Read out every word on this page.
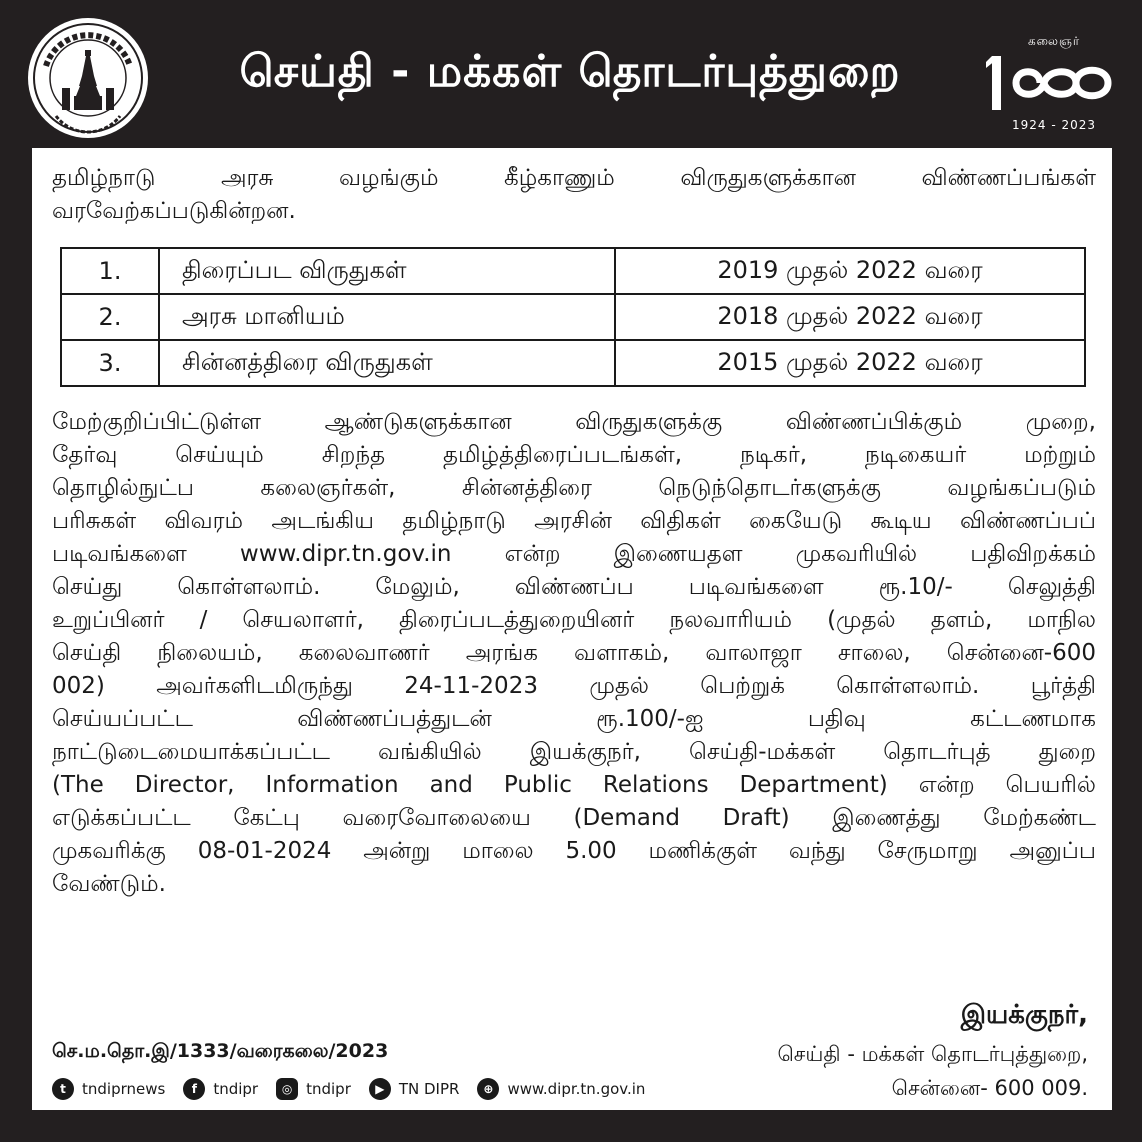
செய்தி - மக்கள் தொடர்புத்துறை
கலைஞர்
1924 - 2023
தமிழ்நாடு அரசு வழங்கும் கீழ்காணும் விருதுகளுக்கான விண்ணப்பங்கள்
வரவேற்கப்படுகின்றன.
1.	திரைப்பட விருதுகள்	2019 முதல் 2022 வரை
2.	அரசு மானியம்	2018 முதல் 2022 வரை
3.	சின்னத்திரை விருதுகள்	2015 முதல் 2022 வரை
மேற்குறிப்பிட்டுள்ள ஆண்டுகளுக்கான விருதுகளுக்கு விண்ணப்பிக்கும் முறை,
தேர்வு செய்யும் சிறந்த தமிழ்த்திரைப்படங்கள், நடிகர், நடிகையர் மற்றும்
தொழில்நுட்ப கலைஞர்கள், சின்னத்திரை நெடுந்தொடர்களுக்கு வழங்கப்படும்
பரிசுகள் விவரம் அடங்கிய தமிழ்நாடு அரசின் விதிகள் கையேடு கூடிய விண்ணப்பப்
படிவங்களை www.dipr.tn.gov.in என்ற இணையதள முகவரியில் பதிவிறக்கம்
செய்து கொள்ளலாம். மேலும், விண்ணப்ப படிவங்களை ரூ.10/- செலுத்தி
உறுப்பினர் / செயலாளர், திரைப்படத்துறையினர் நலவாரியம் (முதல் தளம், மாநில
செய்தி நிலையம், கலைவாணர் அரங்க வளாகம், வாலாஜா சாலை, சென்னை-600
002) அவர்களிடமிருந்து 24-11-2023 முதல் பெற்றுக் கொள்ளலாம். பூர்த்தி
செய்யப்பட்ட விண்ணப்பத்துடன் ரூ.100/-ஐ பதிவு கட்டணமாக
நாட்டுடைமையாக்கப்பட்ட வங்கியில் இயக்குநர், செய்தி-மக்கள் தொடர்புத் துறை
(The Director, Information and Public Relations Department) என்ற பெயரில்
எடுக்கப்பட்ட கேட்பு வரைவோலையை (Demand Draft) இணைத்து மேற்கண்ட
முகவரிக்கு 08-01-2024 அன்று மாலை 5.00 மணிக்குள் வந்து சேருமாறு அனுப்ப
வேண்டும்.
செ.ம.தொ.இ/1333/வரைகலை/2023
t	tndiprnews	f	tndipr	◎ tndipr	▶ TN DIPR	⊕ www.dipr.tn.gov.in
இயக்குநர்,
செய்தி - மக்கள் தொடர்புத்துறை,
சென்னை- 600 009.
